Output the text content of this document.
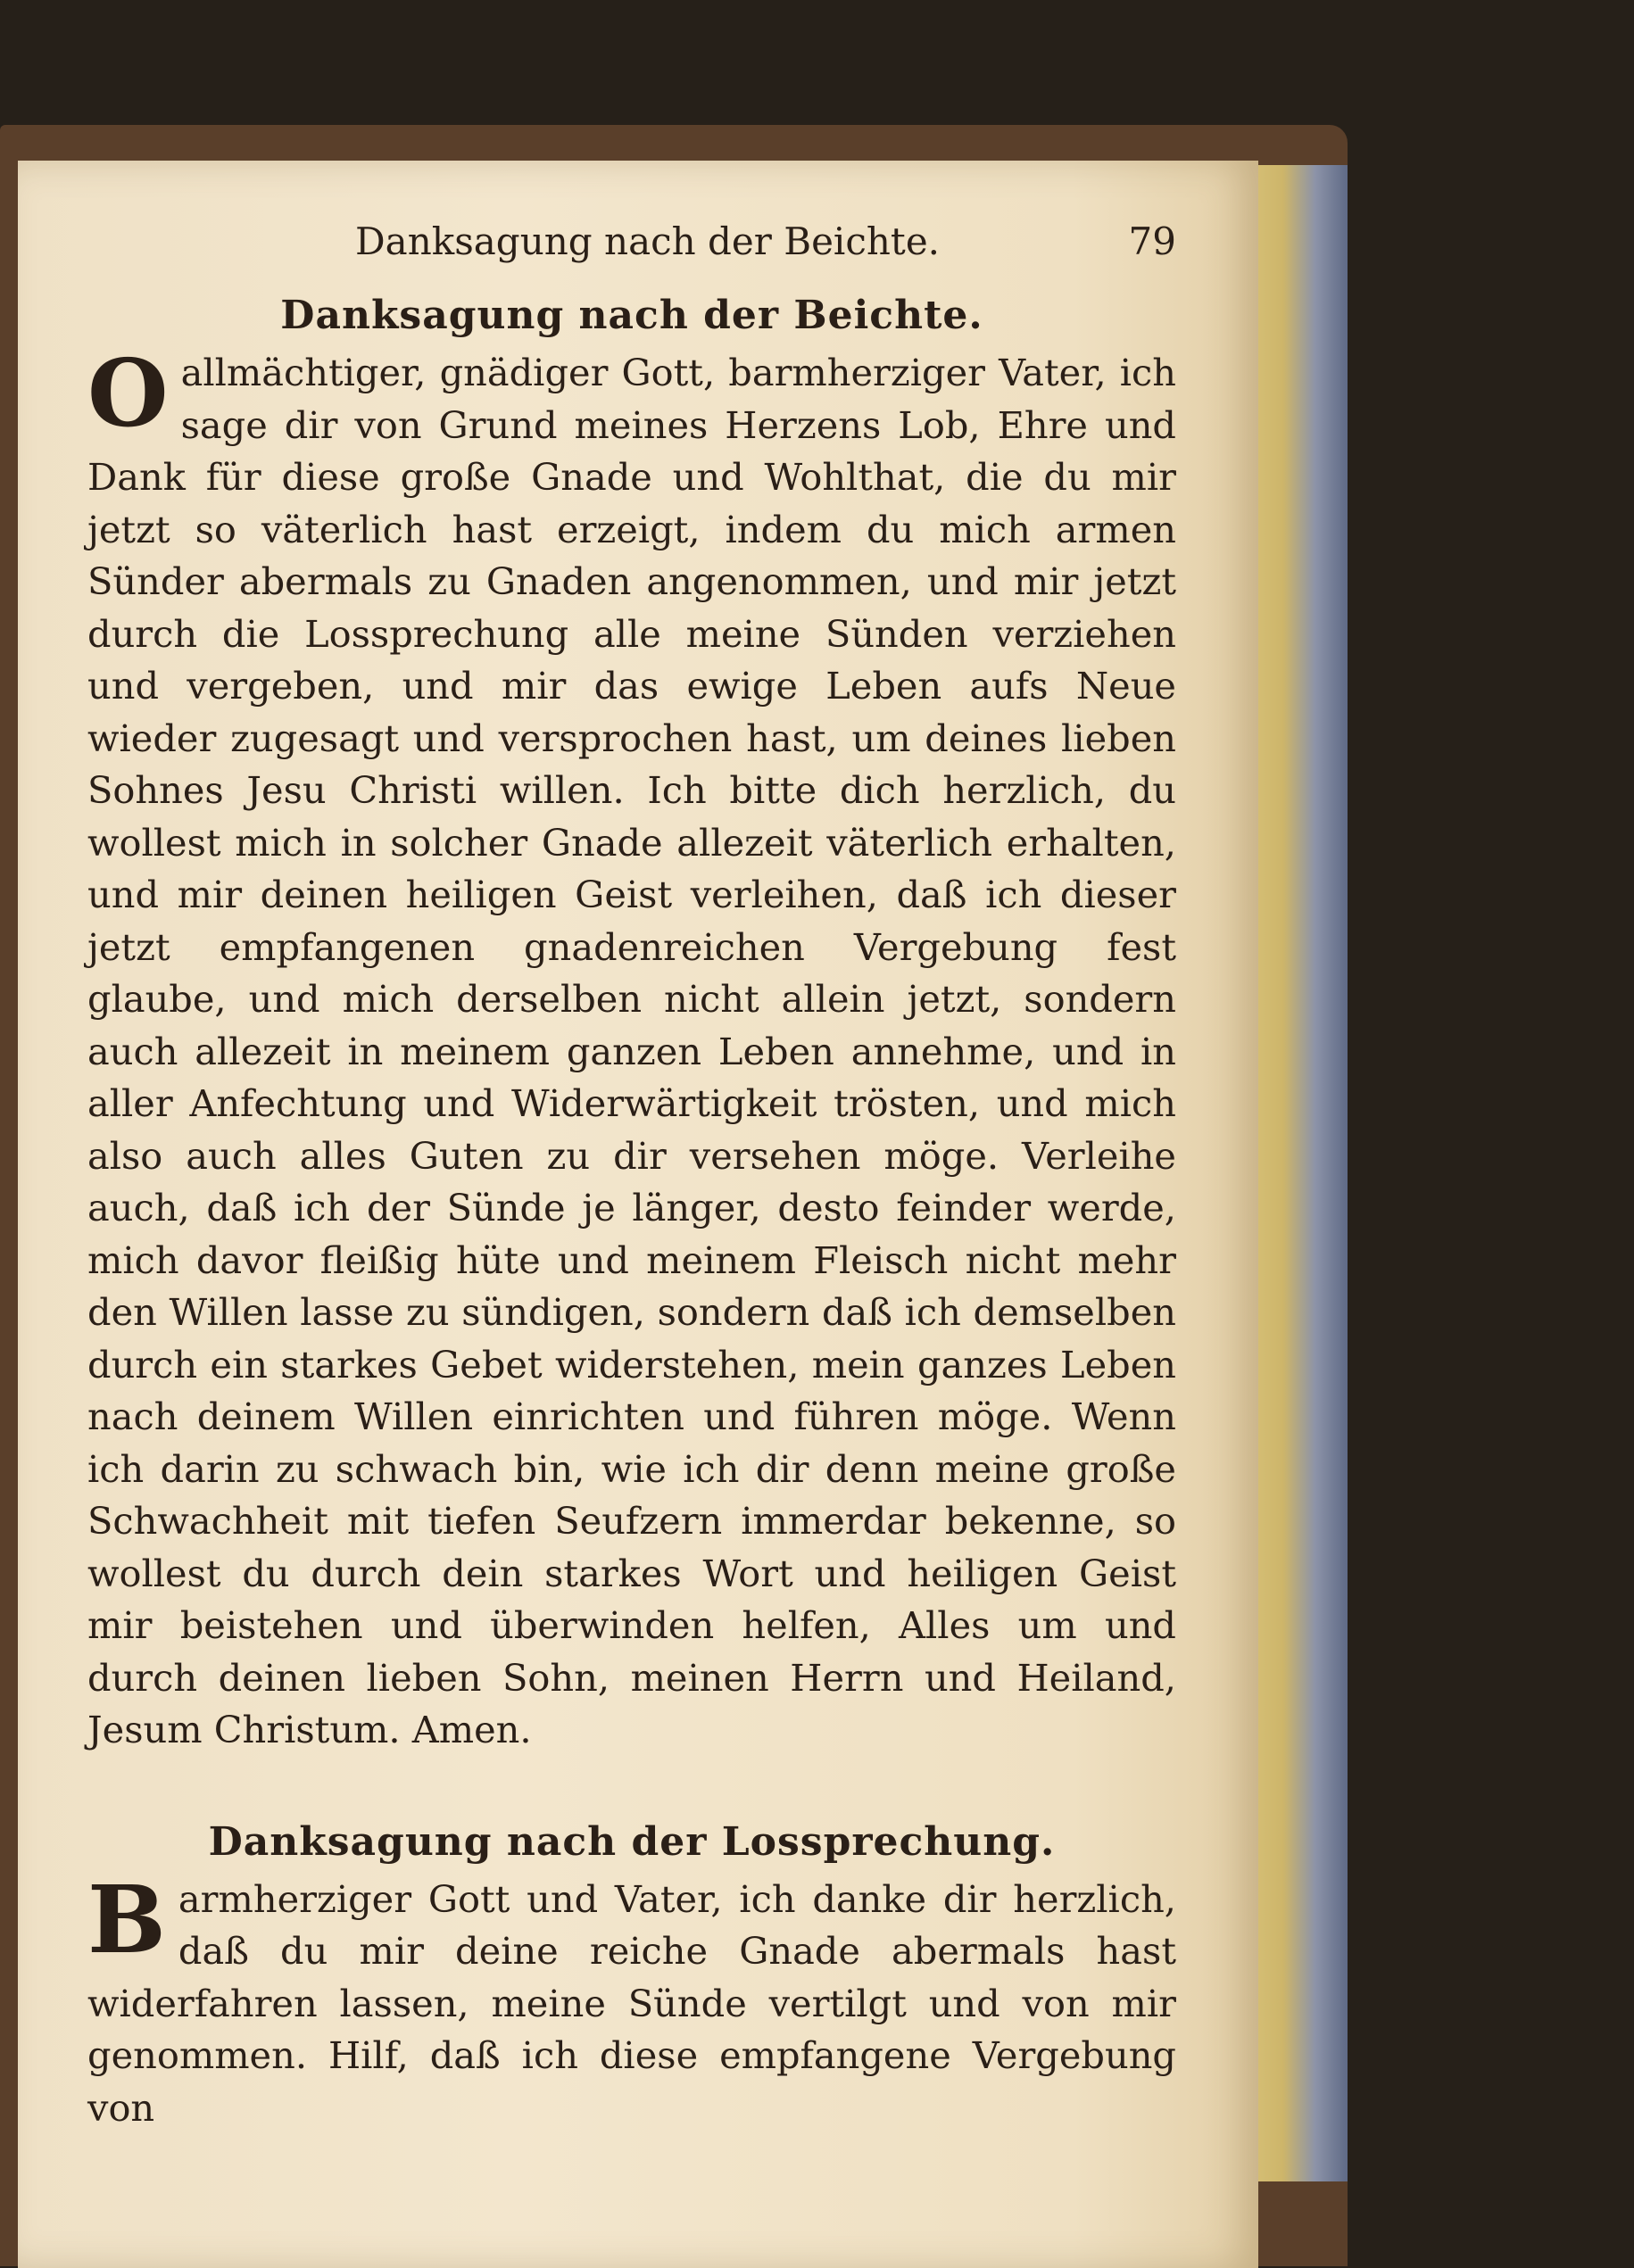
Danksagung nach der Beichte.	79
Danksagung nach der Beichte.

Oallmächtiger, gnädiger Gott, barmherziger Vater, ich sage dir von Grund meines Herzens Lob, Ehre und Dank für diese große Gnade und Wohlthat, die du mir jetzt so väterlich hast erzeigt, indem du mich armen Sünder abermals zu Gnaden angenommen, und mir jetzt durch die Lossprechung alle meine Sünden verziehen und vergeben, und mir das ewige Leben aufs Neue wieder zugesagt und versprochen hast, um deines lieben Sohnes Jesu Christi willen. Ich bitte dich herzlich, du wollest mich in solcher Gnade allezeit väterlich erhalten, und mir deinen heiligen Geist verleihen, daß ich dieser jetzt empfangenen gnadenreichen Vergebung fest glaube, und mich derselben nicht allein jetzt, sondern auch allezeit in meinem ganzen Leben annehme, und in aller Anfechtung und Widerwärtigkeit trösten, und mich also auch alles Guten zu dir versehen möge. Verleihe auch, daß ich der Sünde je länger, desto feinder werde, mich davor fleißig hüte und meinem Fleisch nicht mehr den Willen lasse zu sündigen, sondern daß ich demselben durch ein starkes Gebet widerstehen, mein ganzes Leben nach deinem Willen einrichten und führen möge. Wenn ich darin zu schwach bin, wie ich dir denn meine große Schwachheit mit tiefen Seufzern immerdar bekenne, so wollest du durch dein starkes Wort und heiligen Geist mir beistehen und überwinden helfen, Alles um und durch deinen lieben Sohn, meinen Herrn und Heiland, Jesum Christum. Amen.

Danksagung nach der Lossprechung.

Barmherziger Gott und Vater, ich danke dir herzlich, daß du mir deine reiche Gnade abermals hast widerfahren lassen, meine Sünde vertilgt und von mir genommen. Hilf, daß ich diese empfangene Vergebung von
